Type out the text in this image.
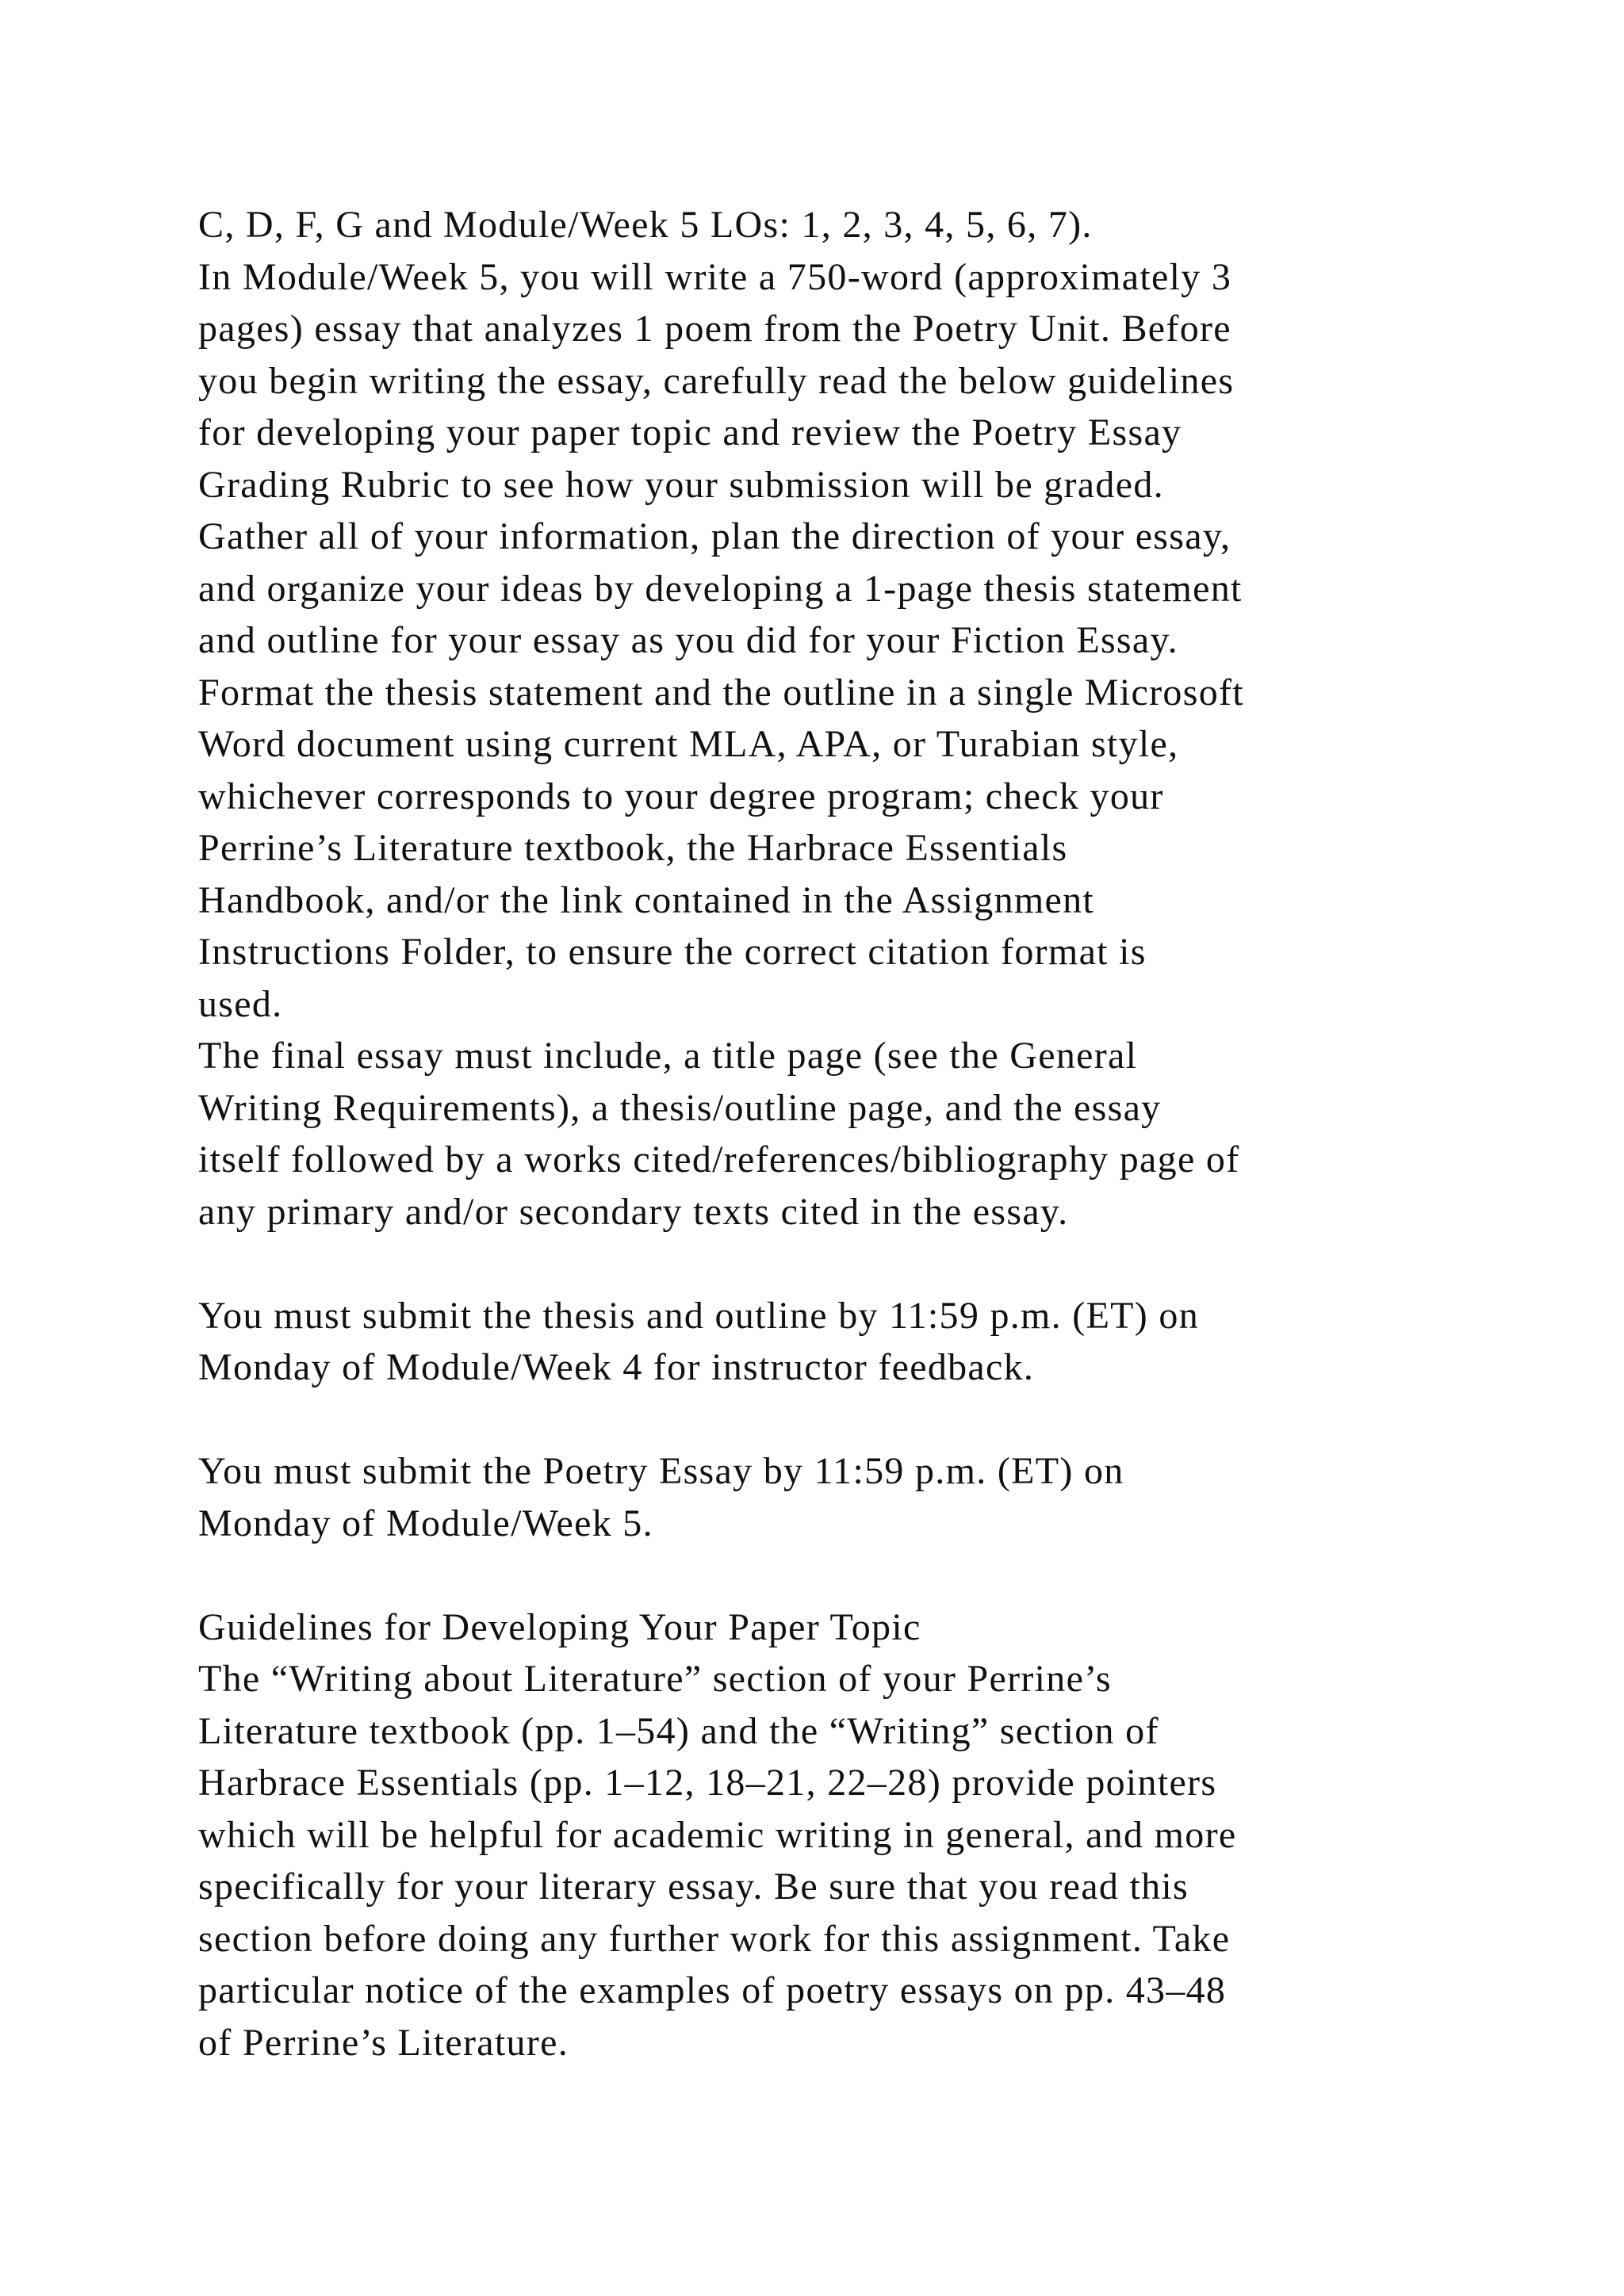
C, D, F, G and Module/Week 5 LOs: 1, 2, 3, 4, 5, 6, 7).
In Module/Week 5, you will write a 750-word (approximately 3
pages) essay that analyzes 1 poem from the Poetry Unit. Before
you begin writing the essay, carefully read the below guidelines
for developing your paper topic and review the Poetry Essay
Grading Rubric to see how your submission will be graded.
Gather all of your information, plan the direction of your essay,
and organize your ideas by developing a 1-page thesis statement
and outline for your essay as you did for your Fiction Essay.
Format the thesis statement and the outline in a single Microsoft
Word document using current MLA, APA, or Turabian style,
whichever corresponds to your degree program; check your
Perrine’s Literature textbook, the Harbrace Essentials
Handbook, and/or the link contained in the Assignment
Instructions Folder, to ensure the correct citation format is
used.
The final essay must include, a title page (see the General
Writing Requirements), a thesis/outline page, and the essay
itself followed by a works cited/references/bibliography page of
any primary and/or secondary texts cited in the essay.
You must submit the thesis and outline by 11:59 p.m. (ET) on
Monday of Module/Week 4 for instructor feedback.
You must submit the Poetry Essay by 11:59 p.m. (ET) on
Monday of Module/Week 5.
Guidelines for Developing Your Paper Topic
The “Writing about Literature” section of your Perrine’s
Literature textbook (pp. 1–54) and the “Writing” section of
Harbrace Essentials (pp. 1–12, 18–21, 22–28) provide pointers
which will be helpful for academic writing in general, and more
specifically for your literary essay. Be sure that you read this
section before doing any further work for this assignment. Take
particular notice of the examples of poetry essays on pp. 43–48
of Perrine’s Literature.
